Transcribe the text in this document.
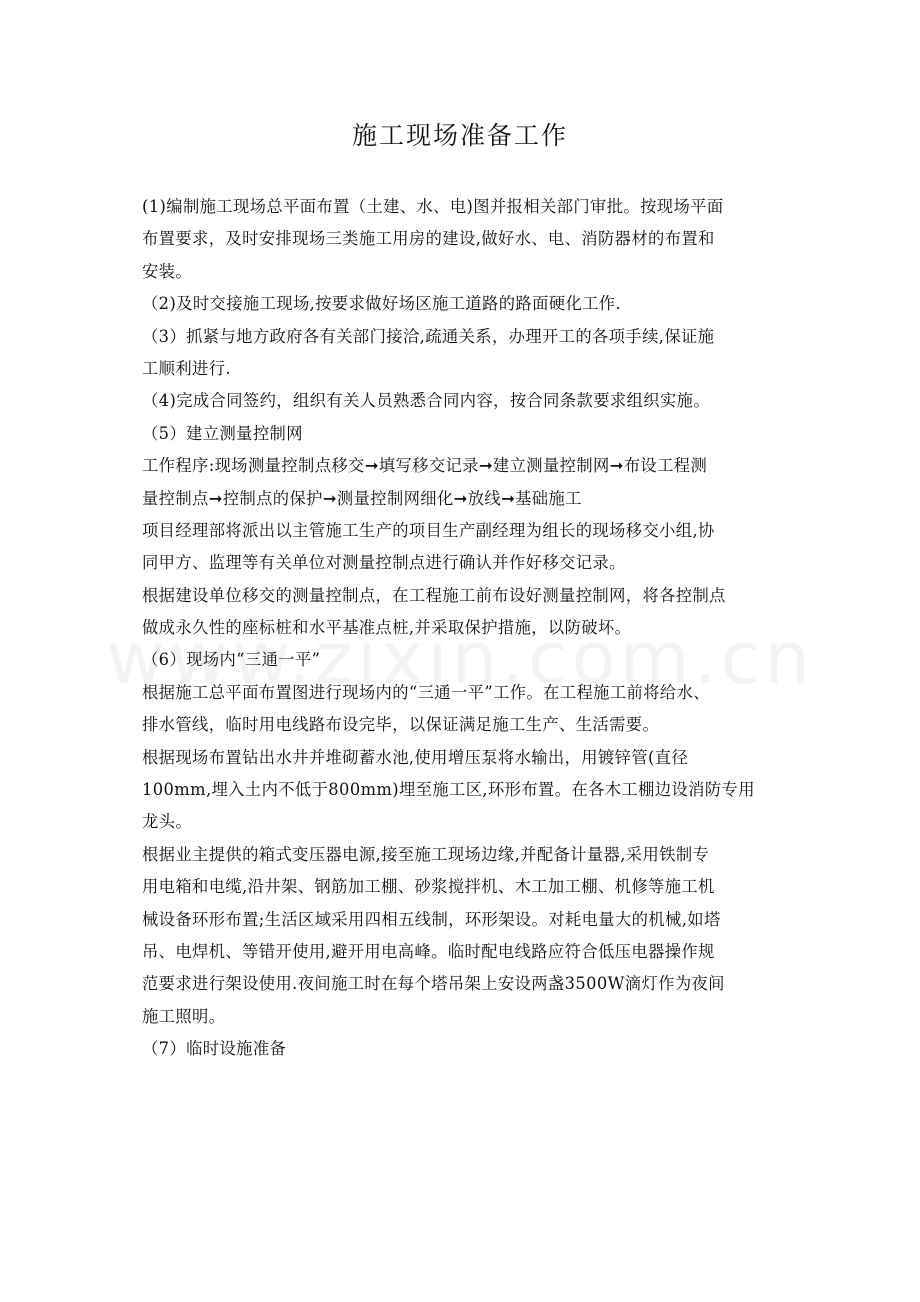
施工现场准备工作

(1)编制施工现场总平面布置（土建、水、电)图并报相关部门审批。按现场平面

布置要求，及时安排现场三类施工用房的建设,做好水、电、消防器材的布置和

安装。

（2)及时交接施工现场,按要求做好场区施工道路的路面硬化工作.

（3）抓紧与地方政府各有关部门接洽,疏通关系，办理开工的各项手续,保证施

工顺利进行.

（4)完成合同签约，组织有关人员熟悉合同内容，按合同条款要求组织实施。

（5）建立测量控制网

工作程序:现场测量控制点移交➞填写移交记录➞建立测量控制网➞布设工程测

量控制点➞控制点的保护➞测量控制网细化➞放线➞基础施工

项目经理部将派出以主管施工生产的项目生产副经理为组长的现场移交小组,协

同甲方、监理等有关单位对测量控制点进行确认并作好移交记录。

根据建设单位移交的测量控制点，在工程施工前布设好测量控制网，将各控制点

做成永久性的座标桩和水平基准点桩,并采取保护措施，以防破坏。

（6）现场内“三通一平”

根据施工总平面布置图进行现场内的“三通一平”工作。在工程施工前将给水、

排水管线，临时用电线路布设完毕，以保证满足施工生产、生活需要。

根据现场布置钻出水井并堆砌蓄水池,使用增压泵将水输出，用镀锌管(直径

100mm,埋入土内不低于800mm)埋至施工区,环形布置。在各木工棚边设消防专用

龙头。

根据业主提供的箱式变压器电源,接至施工现场边缘,并配备计量器,采用铁制专

用电箱和电缆,沿井架、钢筋加工棚、砂浆搅拌机、木工加工棚、机修等施工机

械设备环形布置;生活区域采用四相五线制，环形架设。对耗电量大的机械,如塔

吊、电焊机、等错开使用,避开用电高峰。临时配电线路应符合低压电器操作规

范要求进行架设使用.夜间施工时在每个塔吊架上安设两盏3500W滴灯作为夜间

施工照明。

（7）临时设施准备
